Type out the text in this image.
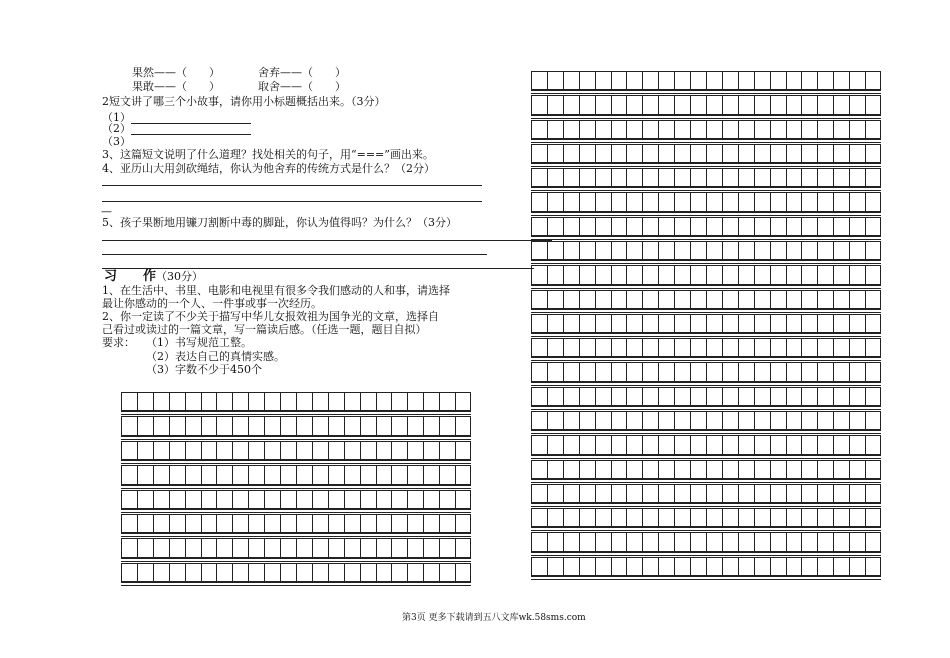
果然——（　　）	舍弃——（　　）
果敢——（　　）	取舍——（　　）
2短文讲了哪三个小故事，请你用小标题概括出来。（3分）
（1）
（2）
（3）
3、这篇短文说明了什么道理？找处相关的句子，用“===”画出来。
4、亚历山大用剑砍绳结，你认为他舍弃的传统方式是什么？（2分）
—
5、孩子果断地用镰刀割断中毒的脚趾，你认为值得吗？为什么？（3分）
习　　作 （30分）
1、在生活中、书里、电影和电视里有很多令我们感动的人和事，请选择
最让你感动的一个人、一件事或事一次经历。
2、你一定读了不少关于描写中华儿女报效祖为国争光的文章，选择自
己看过或读过的一篇文章，写一篇读后感。（任选一题，题目自拟）
要求： （1）书写规范工整。
（2）表达自己的真情实感。
（3）字数不少于450个
第3页 更多下载请到五八文库wk.58sms.com
